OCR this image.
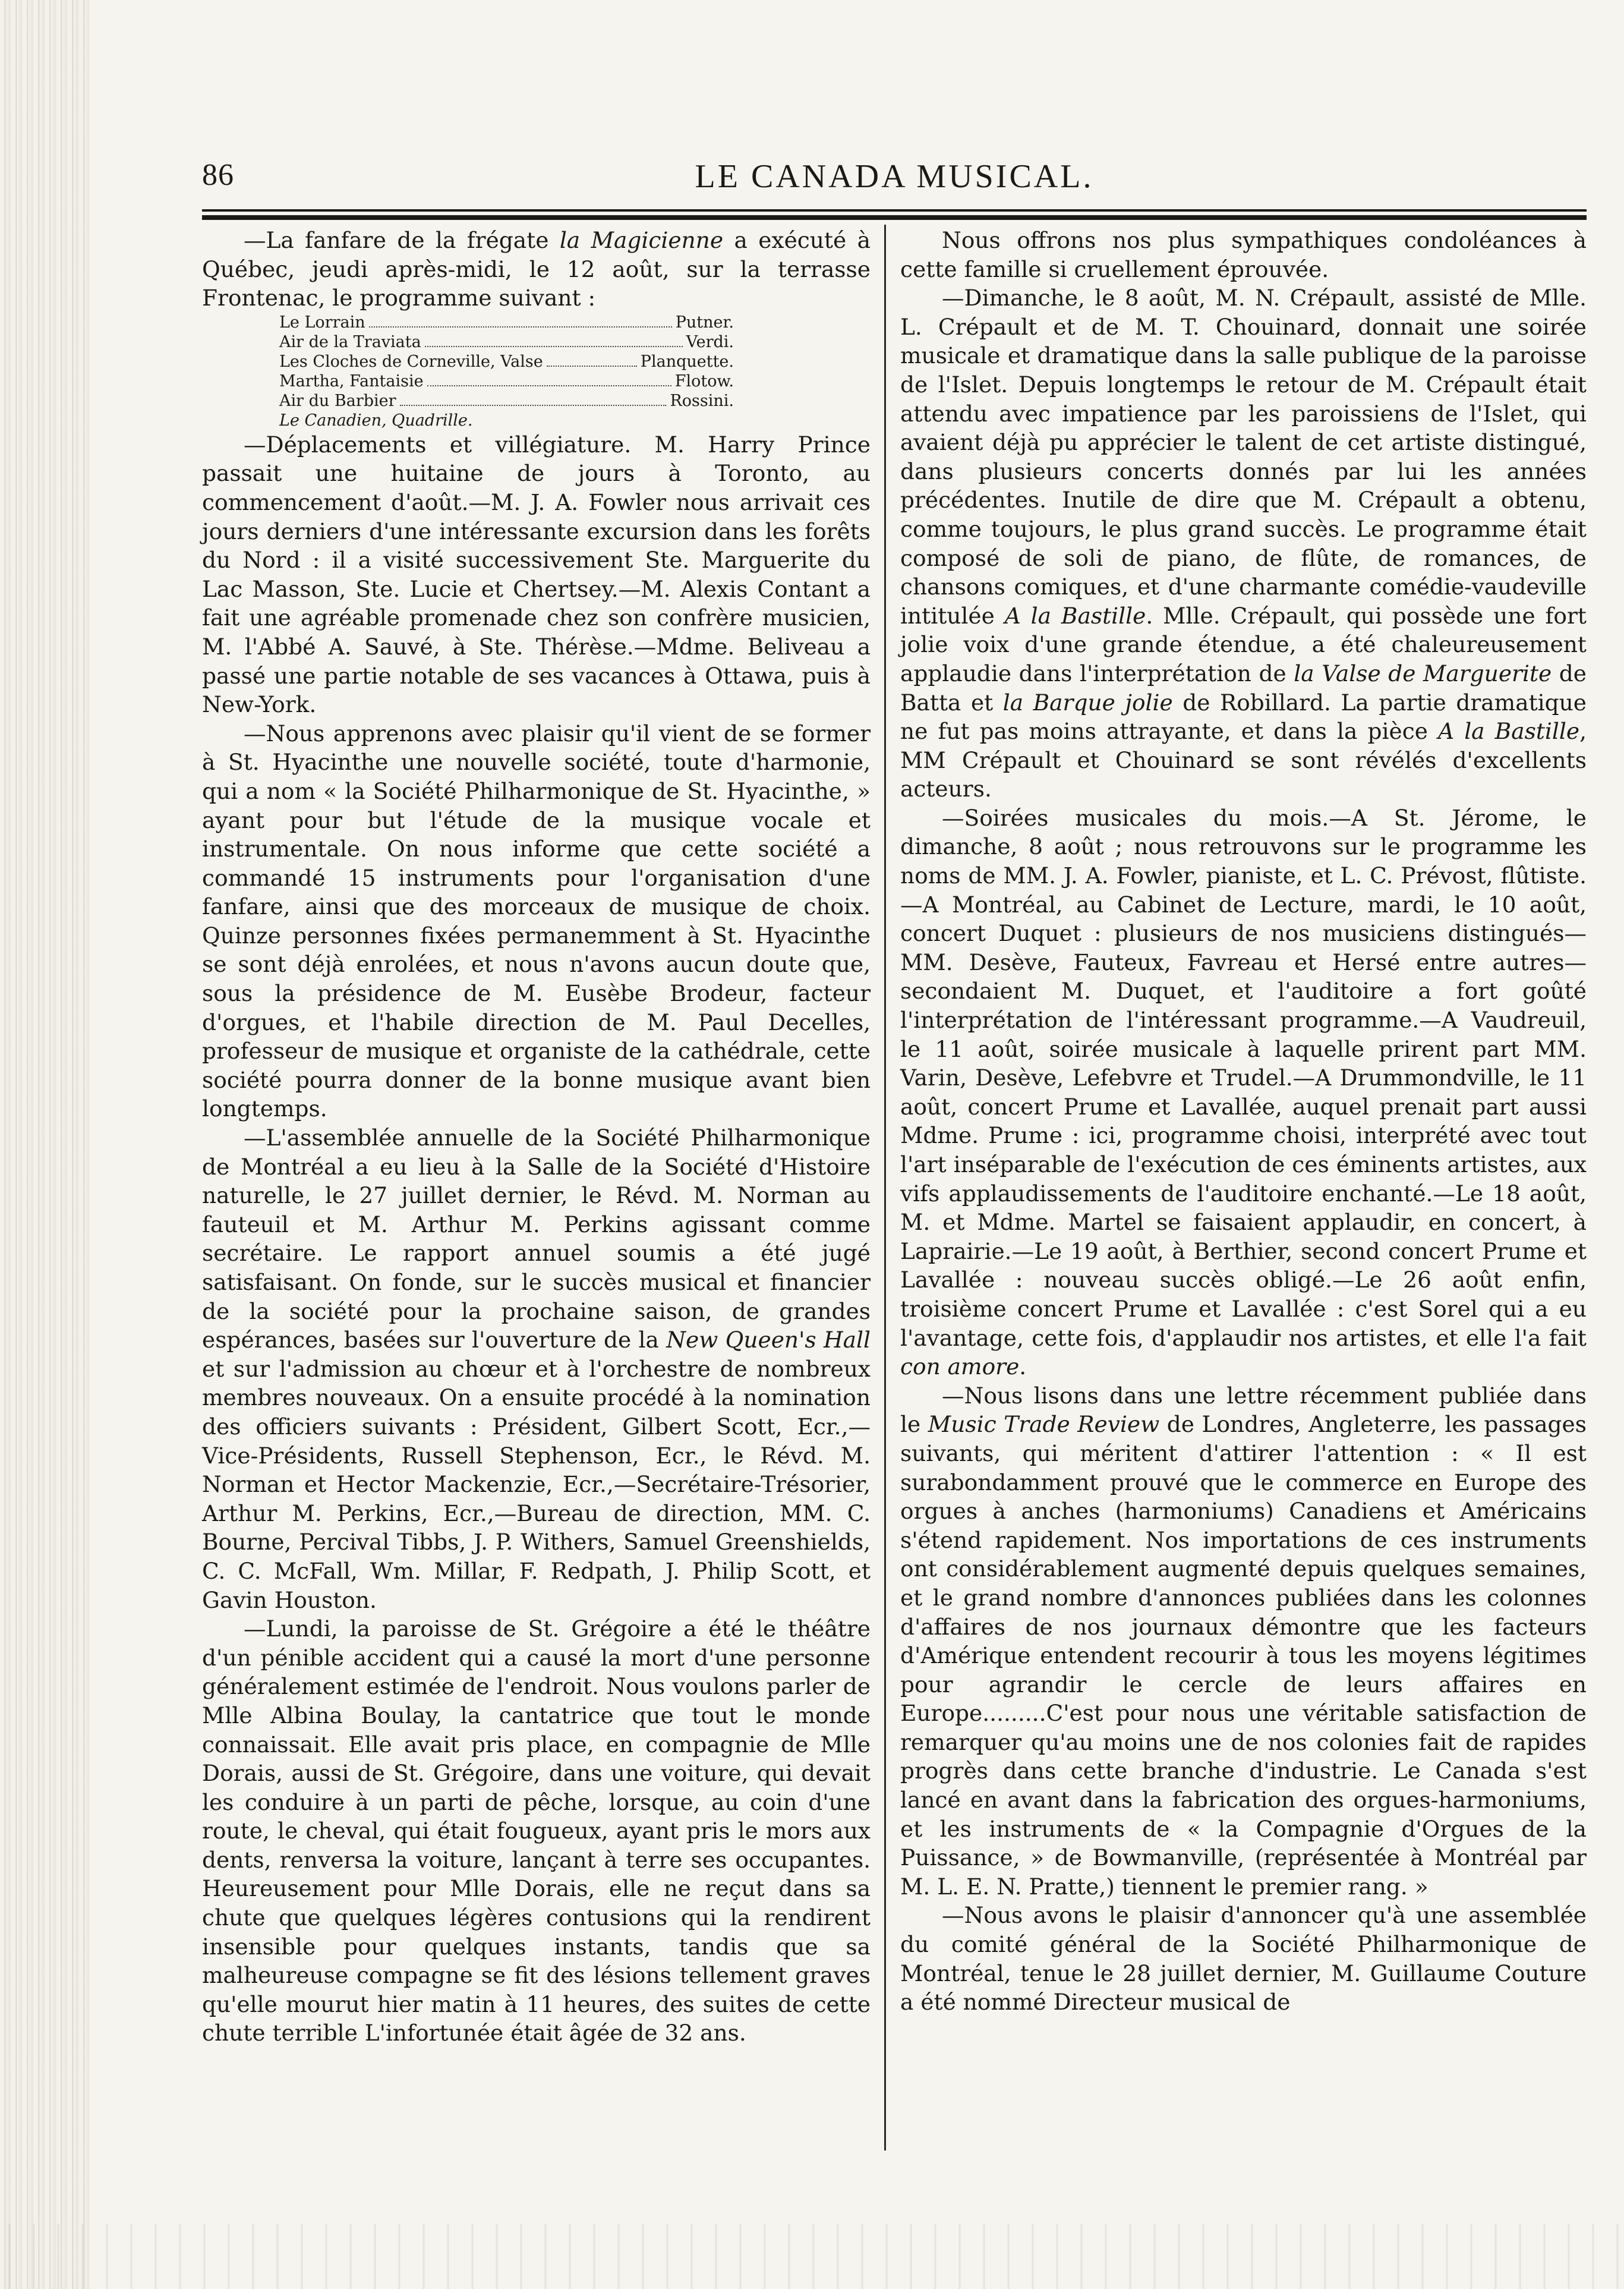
86	LE CANADA MUSICAL.

—La fanfare de la frégate la Magicienne a exécuté à Québec, jeudi après-midi, le 12 août, sur la terrasse Frontenac, le programme suivant :

Le Lorrain	Putner.
Air de la Traviata	Verdi.
Les Cloches de Corneville, Valse	Planquette.
Martha, Fantaisie	Flotow.
Air du Barbier	Rossini.
Le Canadien, Quadrille.

—Déplacements et villégiature. M. Harry Prince passait une huitaine de jours à Toronto, au commencement d'août.—M. J. A. Fowler nous arrivait ces jours derniers d'une intéressante excursion dans les forêts du Nord : il a visité successivement Ste. Marguerite du Lac Masson, Ste. Lucie et Chertsey.—M. Alexis Contant a fait une agréable promenade chez son confrère musicien, M. l'Abbé A. Sauvé, à Ste. Thérèse.—Mdme. Beliveau a passé une partie notable de ses vacances à Ottawa, puis à New-York.

—Nous apprenons avec plaisir qu'il vient de se former à St. Hyacinthe une nouvelle société, toute d'harmonie, qui a nom « la Société Philharmonique de St. Hyacinthe, » ayant pour but l'étude de la musique vocale et instrumentale. On nous informe que cette société a commandé 15 instruments pour l'organisation d'une fanfare, ainsi que des morceaux de musique de choix. Quinze personnes fixées permanemment à St. Hyacinthe se sont déjà enrolées, et nous n'avons aucun doute que, sous la présidence de M. Eusèbe Brodeur, facteur d'orgues, et l'habile direction de M. Paul Decelles, professeur de musique et organiste de la cathédrale, cette société pourra donner de la bonne musique avant bien longtemps.

—L'assemblée annuelle de la Société Philharmonique de Montréal a eu lieu à la Salle de la Société d'Histoire naturelle, le 27 juillet dernier, le Révd. M. Norman au fauteuil et M. Arthur M. Perkins agissant comme secrétaire. Le rapport annuel soumis a été jugé satisfaisant. On fonde, sur le succès musical et financier de la société pour la prochaine saison, de grandes espérances, basées sur l'ouverture de la New Queen's Hall et sur l'admission au chœur et à l'orchestre de nombreux membres nouveaux. On a ensuite procédé à la nomination des officiers suivants : Président, Gilbert Scott, Ecr.,—Vice-Présidents, Russell Stephenson, Ecr., le Révd. M. Norman et Hector Mackenzie, Ecr.,—Secrétaire-Trésorier, Arthur M. Perkins, Ecr.,—Bureau de direction, MM. C. Bourne, Percival Tibbs, J. P. Withers, Samuel Greenshields, C. C. McFall, Wm. Millar, F. Redpath, J. Philip Scott, et Gavin Houston.

—Lundi, la paroisse de St. Grégoire a été le théâtre d'un pénible accident qui a causé la mort d'une personne généralement estimée de l'endroit. Nous voulons parler de Mlle Albina Boulay, la cantatrice que tout le monde connaissait. Elle avait pris place, en compagnie de Mlle Dorais, aussi de St. Grégoire, dans une voiture, qui devait les conduire à un parti de pêche, lorsque, au coin d'une route, le cheval, qui était fougueux, ayant pris le mors aux dents, renversa la voiture, lançant à terre ses occupantes. Heureusement pour Mlle Dorais, elle ne reçut dans sa chute que quelques légères contusions qui la rendirent insensible pour quelques instants, tandis que sa malheureuse compagne se fit des lésions tellement graves qu'elle mourut hier matin à 11 heures, des suites de cette chute terrible L'infortunée était âgée de 32 ans.

Nous offrons nos plus sympathiques condoléances à cette famille si cruellement éprouvée.

—Dimanche, le 8 août, M. N. Crépault, assisté de Mlle. L. Crépault et de M. T. Chouinard, donnait une soirée musicale et dramatique dans la salle publique de la paroisse de l'Islet. Depuis longtemps le retour de M. Crépault était attendu avec impatience par les paroissiens de l'Islet, qui avaient déjà pu apprécier le talent de cet artiste distingué, dans plusieurs concerts donnés par lui les années précédentes. Inutile de dire que M. Crépault a obtenu, comme toujours, le plus grand succès. Le programme était composé de soli de piano, de flûte, de romances, de chansons comiques, et d'une charmante comédie-vaudeville intitulée A la Bastille. Mlle. Crépault, qui possède une fort jolie voix d'une grande étendue, a été chaleureusement applaudie dans l'interprétation de la Valse de Marguerite de Batta et la Barque jolie de Robillard. La partie dramatique ne fut pas moins attrayante, et dans la pièce A la Bastille, MM Crépault et Chouinard se sont révélés d'excellents acteurs.

—Soirées musicales du mois.—A St. Jérome, le dimanche, 8 août ; nous retrouvons sur le programme les noms de MM. J. A. Fowler, pianiste, et L. C. Prévost, flûtiste.—A Montréal, au Cabinet de Lecture, mardi, le 10 août, concert Duquet : plusieurs de nos musiciens distingués—MM. Desève, Fauteux, Favreau et Hersé entre autres—secondaient M. Duquet, et l'auditoire a fort goûté l'interprétation de l'intéressant programme.—A Vaudreuil, le 11 août, soirée musicale à laquelle prirent part MM. Varin, Desève, Lefebvre et Trudel.—A Drummondville, le 11 août, concert Prume et Lavallée, auquel prenait part aussi Mdme. Prume : ici, programme choisi, interprété avec tout l'art inséparable de l'exécution de ces éminents artistes, aux vifs applaudissements de l'auditoire enchanté.—Le 18 août, M. et Mdme. Martel se faisaient applaudir, en concert, à Laprairie.—Le 19 août, à Berthier, second concert Prume et Lavallée : nouveau succès obligé.—Le 26 août enfin, troisième concert Prume et Lavallée : c'est Sorel qui a eu l'avantage, cette fois, d'applaudir nos artistes, et elle l'a fait con amore.

—Nous lisons dans une lettre récemment publiée dans le Music Trade Review de Londres, Angleterre, les passages suivants, qui méritent d'attirer l'attention : « Il est surabondamment prouvé que le commerce en Europe des orgues à anches (harmoniums) Canadiens et Américains s'étend rapidement. Nos importations de ces instruments ont considérablement augmenté depuis quelques semaines, et le grand nombre d'annonces publiées dans les colonnes d'affaires de nos journaux démontre que les facteurs d'Amérique entendent recourir à tous les moyens légitimes pour agrandir le cercle de leurs affaires en Europe.........C'est pour nous une véritable satisfaction de remarquer qu'au moins une de nos colonies fait de rapides progrès dans cette branche d'industrie. Le Canada s'est lancé en avant dans la fabrication des orgues-harmoniums, et les instruments de « la Compagnie d'Orgues de la Puissance, » de Bowmanville, (représentée à Montréal par M. L. E. N. Pratte,) tiennent le premier rang. »

—Nous avons le plaisir d'annoncer qu'à une assemblée du comité général de la Société Philharmonique de Montréal, tenue le 28 juillet dernier, M. Guillaume Couture a été nommé Directeur musical de
